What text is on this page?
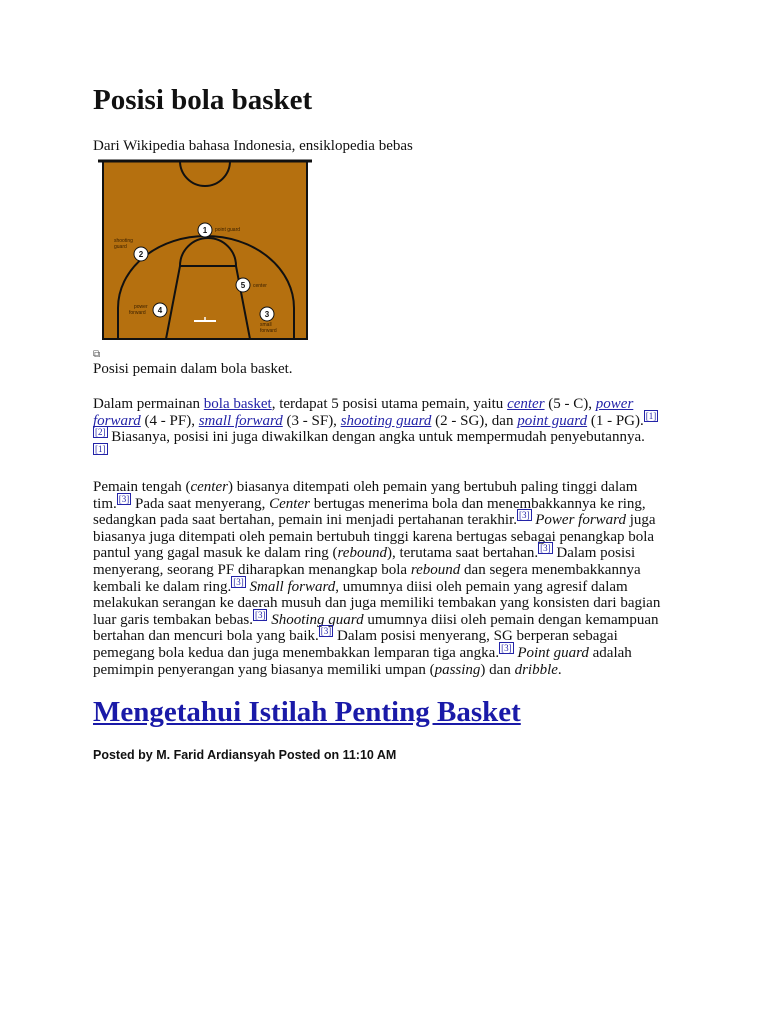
Posisi bola basket
Dari Wikipedia bahasa Indonesia, ensiklopedia bebas
1
2
3
4
5
point guard
shooting
guard
power
forward
center
small
forward
⧉
Posisi pemain dalam bola basket.

Dalam permainan bola basket, terdapat 5 posisi utama pemain, yaitu center (5 - C), power forward (4 - PF), small forward (3 - SF), shooting guard (2 - SG), dan point guard (1 - PG). [1][2] Biasanya, posisi ini juga diwakilkan dengan angka untuk mempermudah penyebutannya. [1]

Pemain tengah (center) biasanya ditempati oleh pemain yang bertubuh paling tinggi dalam tim. [3] Pada saat menyerang, Center bertugas menerima bola dan menembakkannya ke ring, sedangkan pada saat bertahan, pemain ini menjadi pertahanan terakhir. [3] Power forward juga biasanya juga ditempati oleh pemain bertubuh tinggi karena bertugas sebagai penangkap bola pantul yang gagal masuk ke dalam ring (rebound), terutama saat bertahan. [3] Dalam posisi menyerang, seorang PF diharapkan menangkap bola rebound dan segera menembakkannya kembali ke dalam ring. [3] Small forward, umumnya diisi oleh pemain yang agresif dalam melakukan serangan ke daerah musuh dan juga memiliki tembakan yang konsisten dari bagian luar garis tembakan bebas. [3] Shooting guard umumnya diisi oleh pemain dengan kemampuan bertahan dan mencuri bola yang baik. [3] Dalam posisi menyerang, SG berperan sebagai pemegang bola kedua dan juga menembakkan lemparan tiga angka. [3] Point guard adalah pemimpin penyerangan yang biasanya memiliki umpan (passing) dan dribble.

Mengetahui Istilah Penting Basket
Posted by M. Farid Ardiansyah Posted on 11:10 AM
